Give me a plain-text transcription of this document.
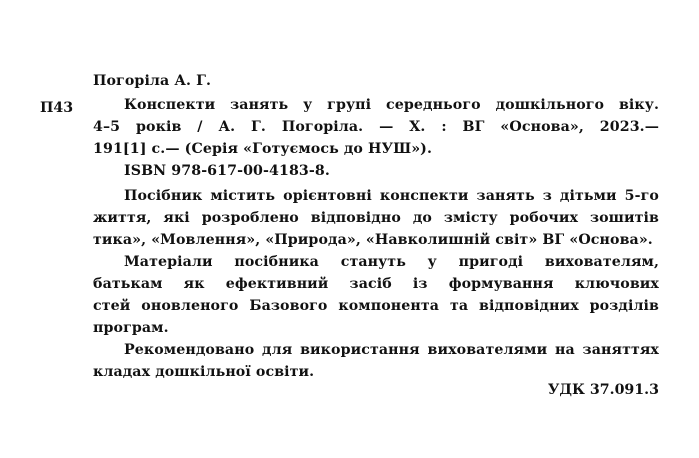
Погоріла А. Г.
П43	Конспекти занять у групі середнього дошкільного віку.
4–5 років / А. Г. Погоріла. — Х. : ВГ «Основа», 2023.—
191[1] с.— (Серія «Готуємось до НУШ»).
ISBN 978-617-00-4183-8.
Посібник містить орієнтовні конспекти занять з дітьми 5-го
життя, які розроблено відповідно до змісту робочих зошитів
тика», «Мовлення», «Природа», «Навколишній світ» ВГ «Основа».
Матеріали посібника стануть у пригоді вихователям,
батькам як ефективний засіб із формування ключових
стей оновленого Базового компонента та відповідних розділів
програм.
Рекомендовано для використання вихователями на заняттях
кладах дошкільної освіти.
УДК 37.091.3
